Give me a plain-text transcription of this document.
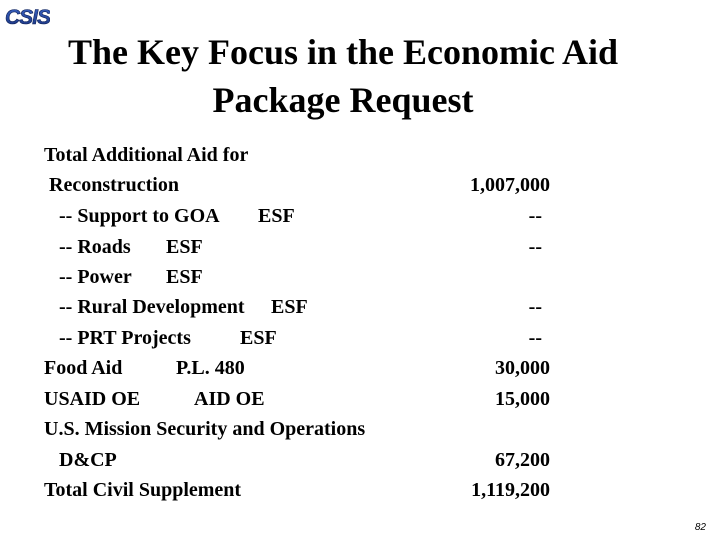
CSIS
The Key Focus in the Economic Aid
Package Request
Total Additional Aid for
Reconstruction	1,007,000
-- Support to GOA ESF	--
-- Roads ESF	--
-- Power ESF
-- Rural Development ESF	--
-- PRT Projects ESF	--
Food Aid	P.L. 480	30,000
USAID OE	AID OE	15,000
U.S. Mission Security and Operations
D&CP	67,200
Total Civil Supplement	1,119,200
82
